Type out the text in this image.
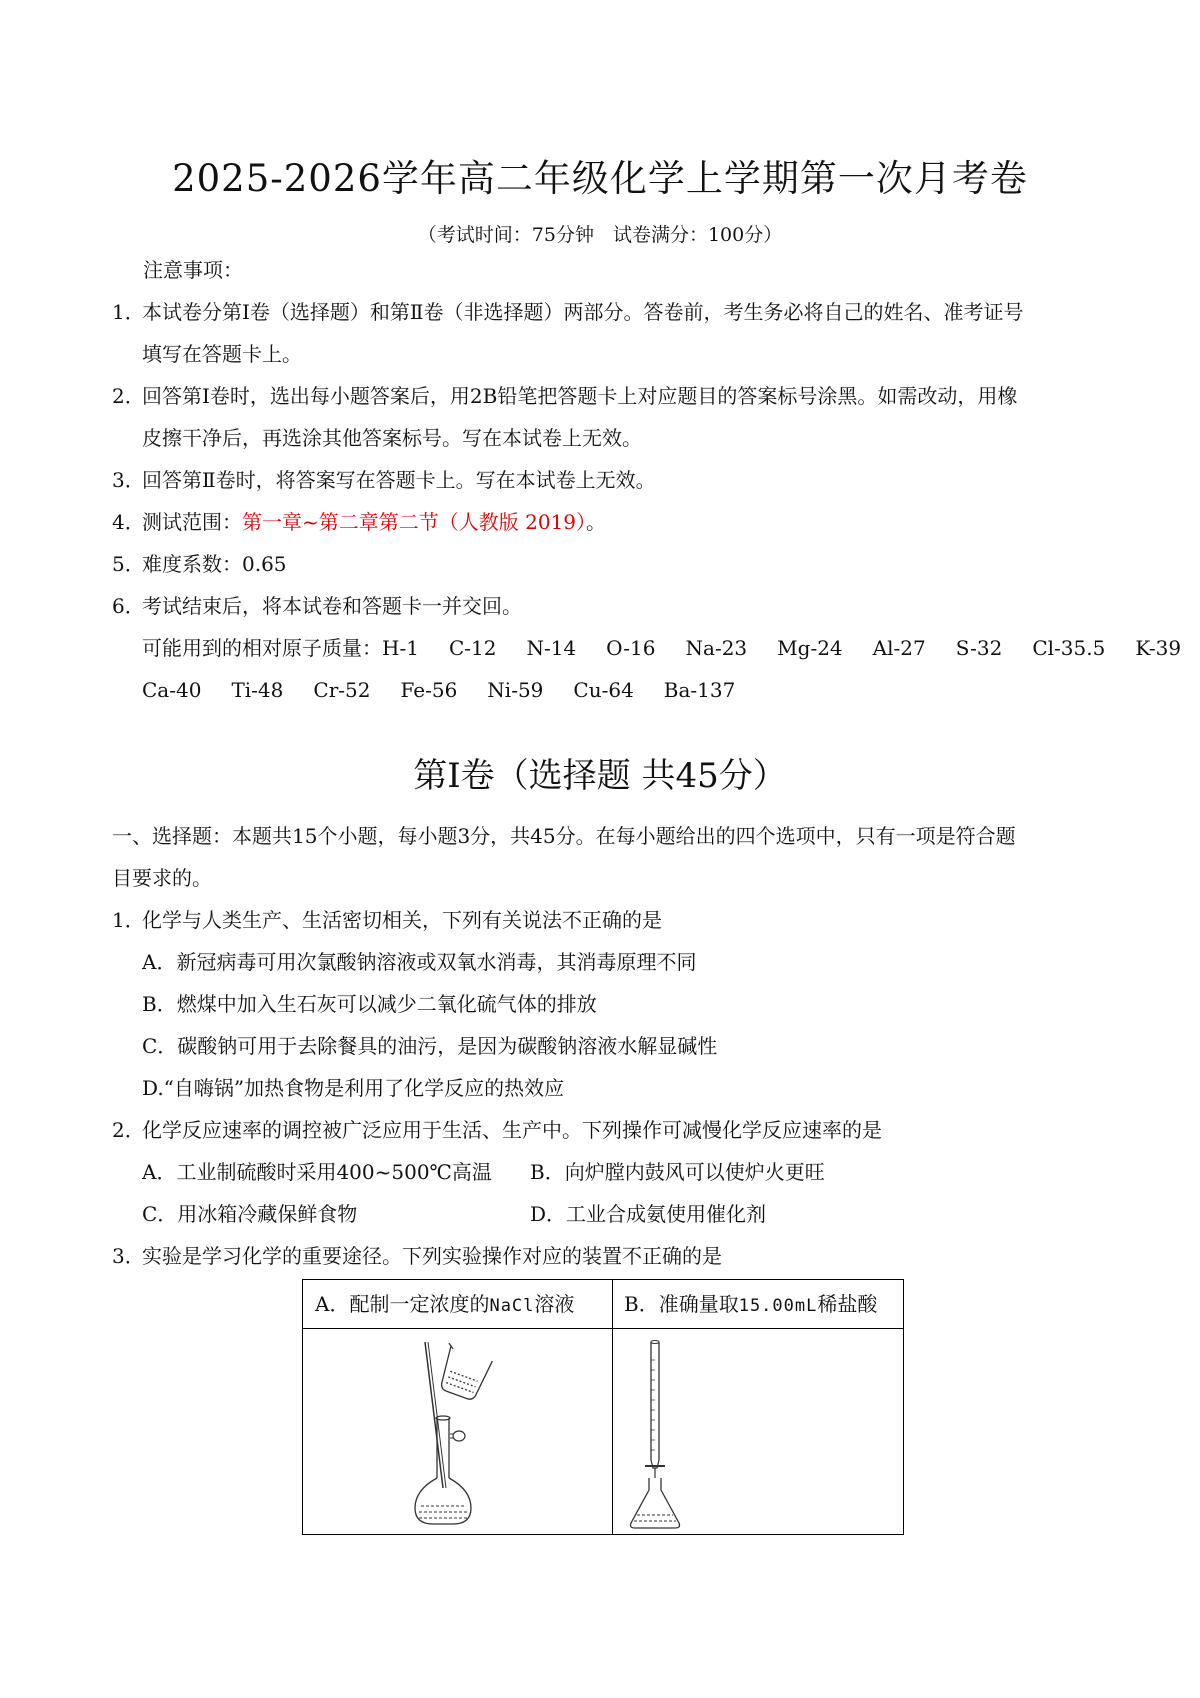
2025-2026学年高二年级化学上学期第一次月考卷
（考试时间：75分钟　试卷满分：100分）
注意事项：
1．本试卷分第Ⅰ卷（选择题）和第Ⅱ卷（非选择题）两部分。答卷前，考生务必将自己的姓名、准考证号
填写在答题卡上。
2．回答第Ⅰ卷时，选出每小题答案后，用2B铅笔把答题卡上对应题目的答案标号涂黑。如需改动，用橡
皮擦干净后，再选涂其他答案标号。写在本试卷上无效。
3．回答第Ⅱ卷时，将答案写在答题卡上。写在本试卷上无效。
4．测试范围：第一章~第二章第二节（人教版 2019）。
5．难度系数：0.65
6．考试结束后，将本试卷和答题卡一并交回。
可能用到的相对原子质量：H-1 C-12 N-14 O-16 Na-23 Mg-24 Al-27 S-32 Cl-35.5 K-39
Ca-40 Ti-48 Cr-52 Fe-56 Ni-59 Cu-64 Ba-137
第Ⅰ卷（选择题 共45分）
一、选择题：本题共15个小题，每小题3分，共45分。在每小题给出的四个选项中，只有一项是符合题
目要求的。
1．化学与人类生产、生活密切相关，下列有关说法不正确的是
A．新冠病毒可用次氯酸钠溶液或双氧水消毒，其消毒原理不同
B．燃煤中加入生石灰可以减少二氧化硫气体的排放
C．碳酸钠可用于去除餐具的油污，是因为碳酸钠溶液水解显碱性
D.“自嗨锅”加热食物是利用了化学反应的热效应
2．化学反应速率的调控被广泛应用于生活、生产中。下列操作可减慢化学反应速率的是
A．工业制硫酸时采用400~500℃高温 B．向炉膛内鼓风可以使炉火更旺
C．用冰箱冷藏保鲜食物	D．工业合成氨使用催化剂
3．实验是学习化学的重要途径。下列实验操作对应的装置不正确的是
A．配制一定浓度的NaCl溶液	B．准确量取15.00mL稀盐酸
